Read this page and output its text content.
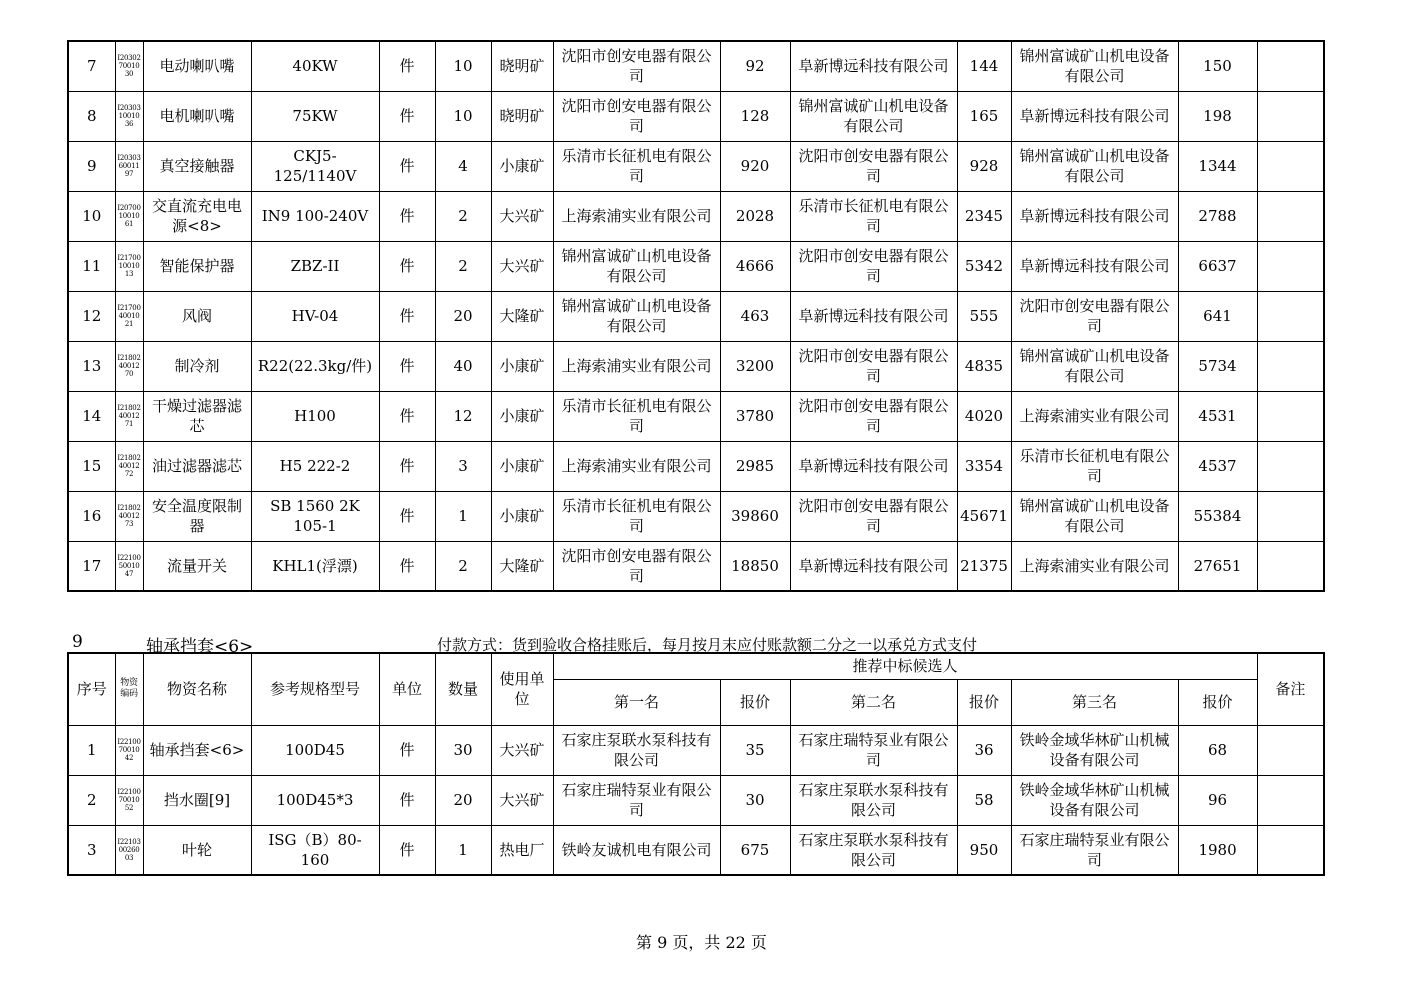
7	I2030270010 30	电动喇叭嘴	40KW	件	10	晓明矿	沈阳市创安电器有限公司	92	阜新博远科技有限公司	144	锦州富诚矿山机电设备有限公司	150	
8	I2030310010 36	电机喇叭嘴	75KW	件	10	晓明矿	沈阳市创安电器有限公司	128	锦州富诚矿山机电设备有限公司	165	阜新博远科技有限公司	198	
9	I2030360011 97	真空接触器	CKJ5-125/1140V	件	4	小康矿	乐清市长征机电有限公司	920	沈阳市创安电器有限公司	928	锦州富诚矿山机电设备有限公司	1344	
10	I2070010010 61	交直流充电电源<8>	IN9 100-240V	件	2	大兴矿	上海索浦实业有限公司	2028	乐清市长征机电有限公司	2345	阜新博远科技有限公司	2788	
11	I2170010010 13	智能保护器	ZBZ-II	件	2	大兴矿	锦州富诚矿山机电设备有限公司	4666	沈阳市创安电器有限公司	5342	阜新博远科技有限公司	6637	
12	I2170040010 21	风阀	HV-04	件	20	大隆矿	锦州富诚矿山机电设备有限公司	463	阜新博远科技有限公司	555	沈阳市创安电器有限公司	641	
13	I2180240012 70	制冷剂	R22(22.3kg/件)	件	40	小康矿	上海索浦实业有限公司	3200	沈阳市创安电器有限公司	4835	锦州富诚矿山机电设备有限公司	5734	
14	I2180240012 71	干燥过滤器滤芯	H100	件	12	小康矿	乐清市长征机电有限公司	3780	沈阳市创安电器有限公司	4020	上海索浦实业有限公司	4531	
15	I2180240012 72	油过滤器滤芯	H5 222-2	件	3	小康矿	上海索浦实业有限公司	2985	阜新博远科技有限公司	3354	乐清市长征机电有限公司	4537	
16	I2180240012 73	安全温度限制器	SB 1560 2K 105-1	件	1	小康矿	乐清市长征机电有限公司	39860	沈阳市创安电器有限公司	45671	锦州富诚矿山机电设备有限公司	55384	
17	I2210050010 47	流量开关	KHL1(浮漂)	件	2	大隆矿	沈阳市创安电器有限公司	18850	阜新博远科技有限公司	21375	上海索浦实业有限公司	27651	
9	轴承挡套<6>	付款方式：货到验收合格挂账后，每月按月末应付账款额二分之一以承兑方式支付
序号	物资编码	物资名称	参考规格型号	单位	数量	使用单位	推荐中标候选人						备注
							第一名	报价	第二名	报价	第三名	报价	
1	I2210070010 42	轴承挡套<6>	100D45	件	30	大兴矿	石家庄泵联水泵科技有限公司	35	石家庄瑞特泵业有限公司	36	铁岭金域华林矿山机械设备有限公司	68	
2	I2210070010 52	挡水圈[9]	100D45*3	件	20	大兴矿	石家庄瑞特泵业有限公司	30	石家庄泵联水泵科技有限公司	58	铁岭金域华林矿山机械设备有限公司	96	
3	I2210300260 03	叶轮	ISG（B）80-160	件	1	热电厂	铁岭友诚机电有限公司	675	石家庄泵联水泵科技有限公司	950	石家庄瑞特泵业有限公司	1980	
第 9 页，共 22 页
